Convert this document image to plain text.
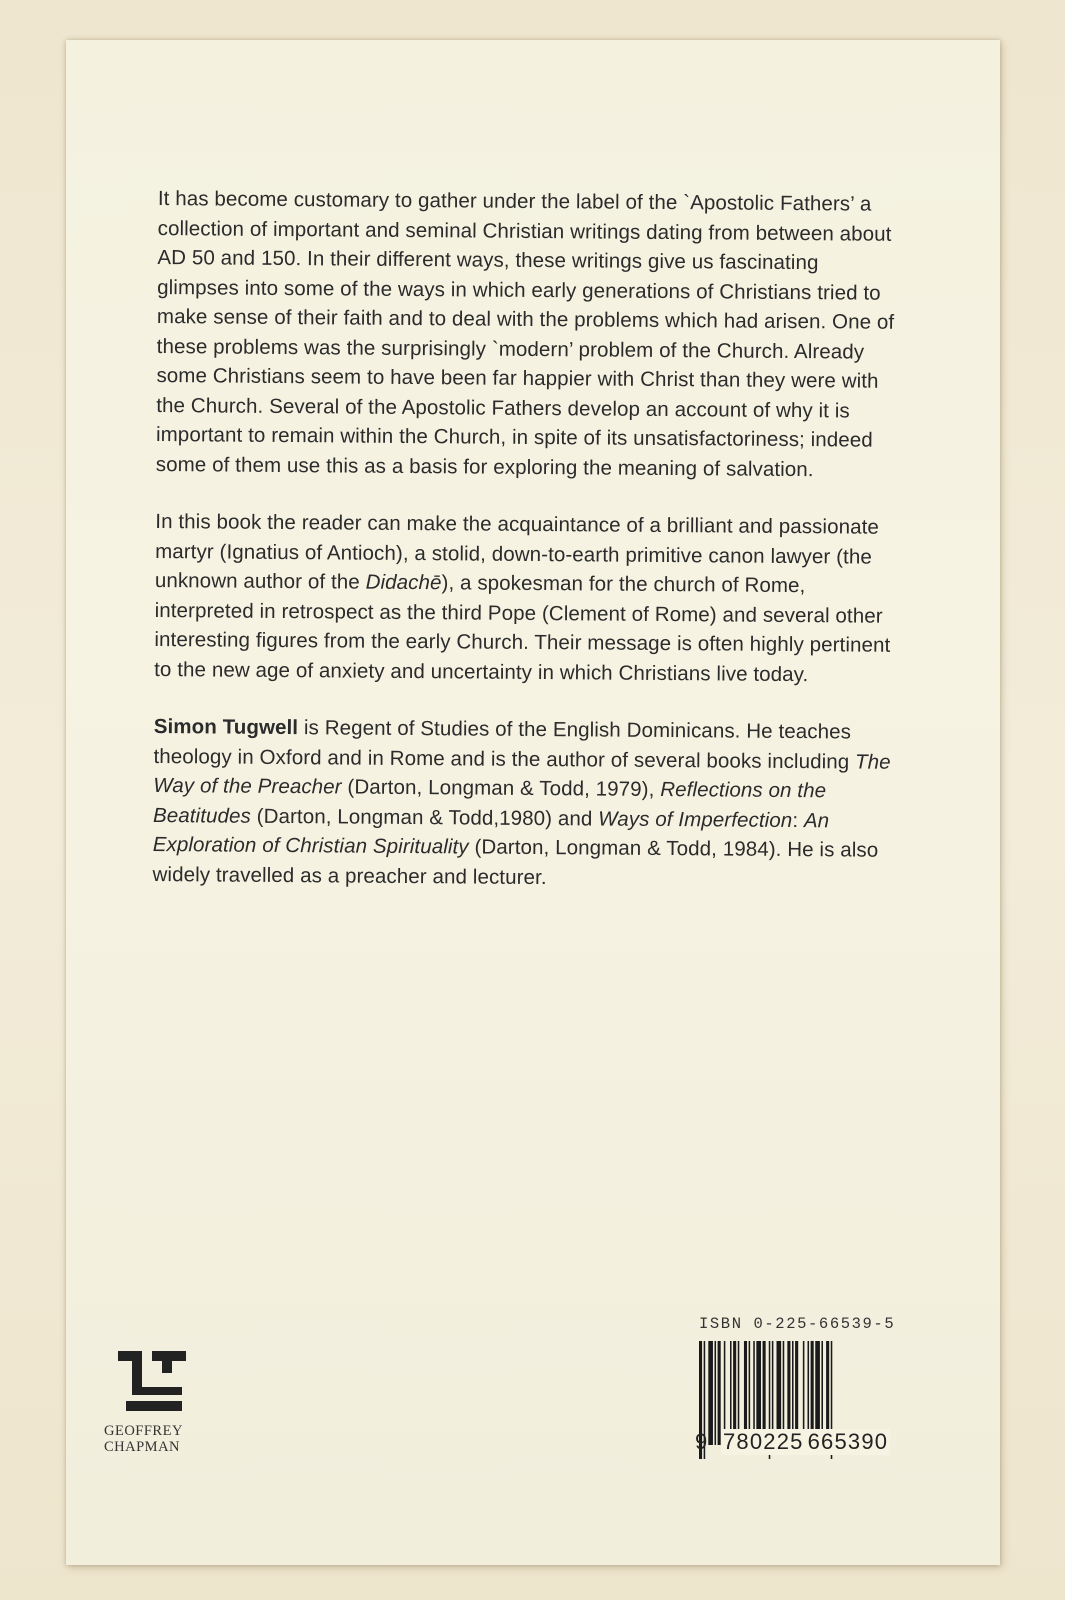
It has become customary to gather under the label of the `Apostolic Fathers’ a collection of important and seminal Christian writings dating from between about AD 50 and 150. In their different ways, these writings give us fascinating glimpses into some of the ways in which early generations of Christians tried to make sense of their faith and to deal with the problems which had arisen. One of these problems was the surprisingly `modern’ problem of the Church. Already some Christians seem to have been far happier with Christ than they were with the Church. Several of the Apostolic Fathers develop an account of why it is important to remain within the Church, in spite of its unsatisfactoriness; indeed some of them use this as a basis for exploring the meaning of salvation.

In this book the reader can make the acquaintance of a brilliant and passionate martyr (Ignatius of Antioch), a stolid, down-to-earth primitive canon lawyer (the unknown author of the Didachē), a spokesman for the church of Rome, interpreted in retrospect as the third Pope (Clement of Rome) and several other interesting figures from the early Church. Their message is often highly pertinent to the new age of anxiety and uncertainty in which Christians live today.

Simon Tugwell is Regent of Studies of the English Dominicans. He teaches theology in Oxford and in Rome and is the author of several books including The Way of the Preacher (Darton, Longman & Todd, 1979), Reflections on the Beatitudes (Darton, Longman & Todd,1980) and Ways of Imperfection: An Exploration of Christian Spirituality (Darton, Longman & Todd, 1984). He is also widely travelled as a preacher and lecturer.

GEOFFREY
CHAPMAN
ISBN 0-225-66539-5
9 780225 665390
